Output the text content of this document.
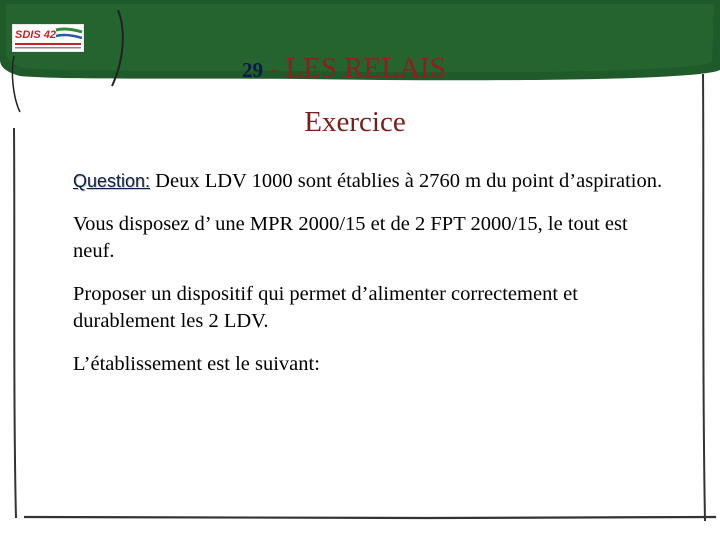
SDIS 42
29 - LES RELAIS
Exercice

Question: Deux LDV 1000 sont établies à 2760 m du point d’aspiration.

Vous disposez d’ une MPR 2000/15 et de 2 FPT 2000/15, le tout est neuf.

Proposer un dispositif qui permet d’alimenter correctement et durablement les 2 LDV.

L’établissement est le suivant:
